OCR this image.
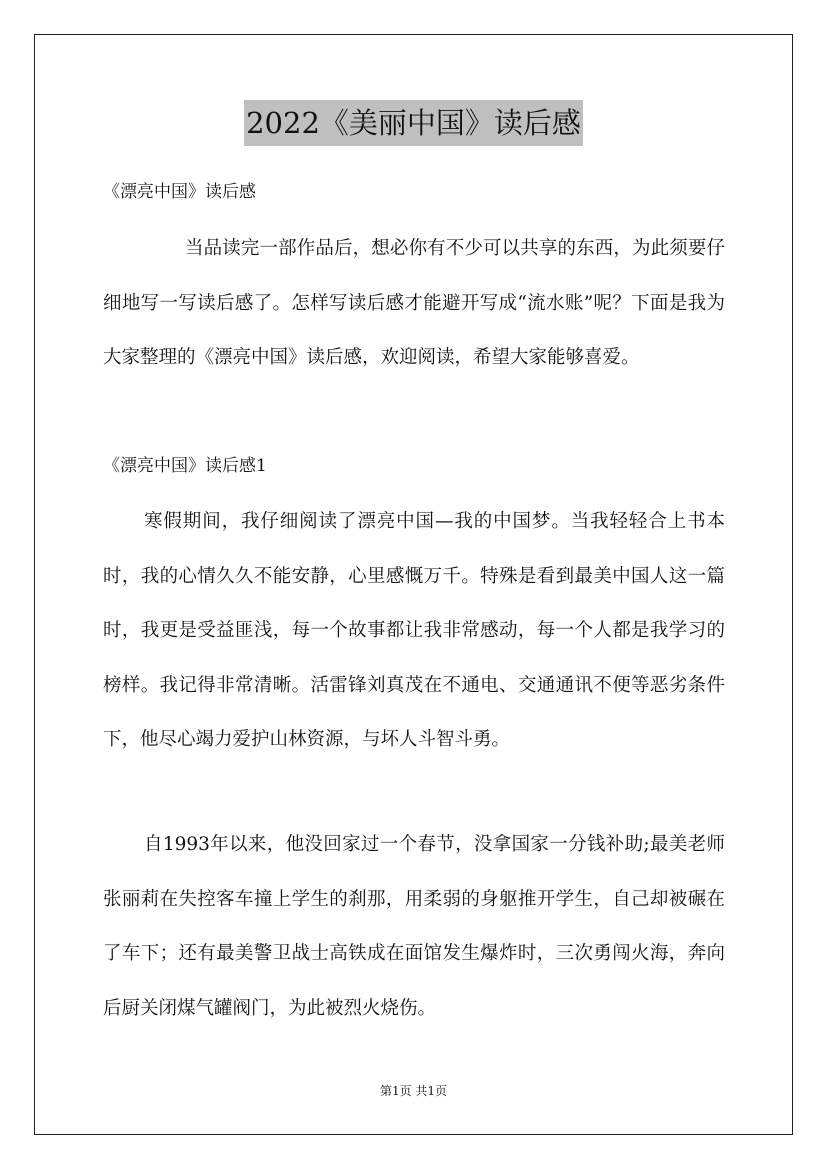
2022《美丽中国》读后感
《漂亮中国》读后感

当品读完一部作品后，想必你有不少可以共享的东西，为此须要仔细地写一写读后感了。怎样写读后感才能避开写成“流水账”呢？下面是我为大家整理的《漂亮中国》读后感，欢迎阅读，希望大家能够喜爱。

《漂亮中国》读后感1

寒假期间，我仔细阅读了漂亮中国—我的中国梦。当我轻轻合上书本时，我的心情久久不能安静，心里感慨万千。特殊是看到最美中国人这一篇时，我更是受益匪浅，每一个故事都让我非常感动，每一个人都是我学习的榜样。我记得非常清晰。活雷锋刘真茂在不通电、交通通讯不便等恶劣条件下，他尽心竭力爱护山林资源，与坏人斗智斗勇。

自1993年以来，他没回家过一个春节，没拿国家一分钱补助;最美老师张丽莉在失控客车撞上学生的刹那，用柔弱的身躯推开学生，自己却被碾在了车下；还有最美警卫战士高铁成在面馆发生爆炸时，三次勇闯火海，奔向后厨关闭煤气罐阀门，为此被烈火烧伤。

第1页 共1页
